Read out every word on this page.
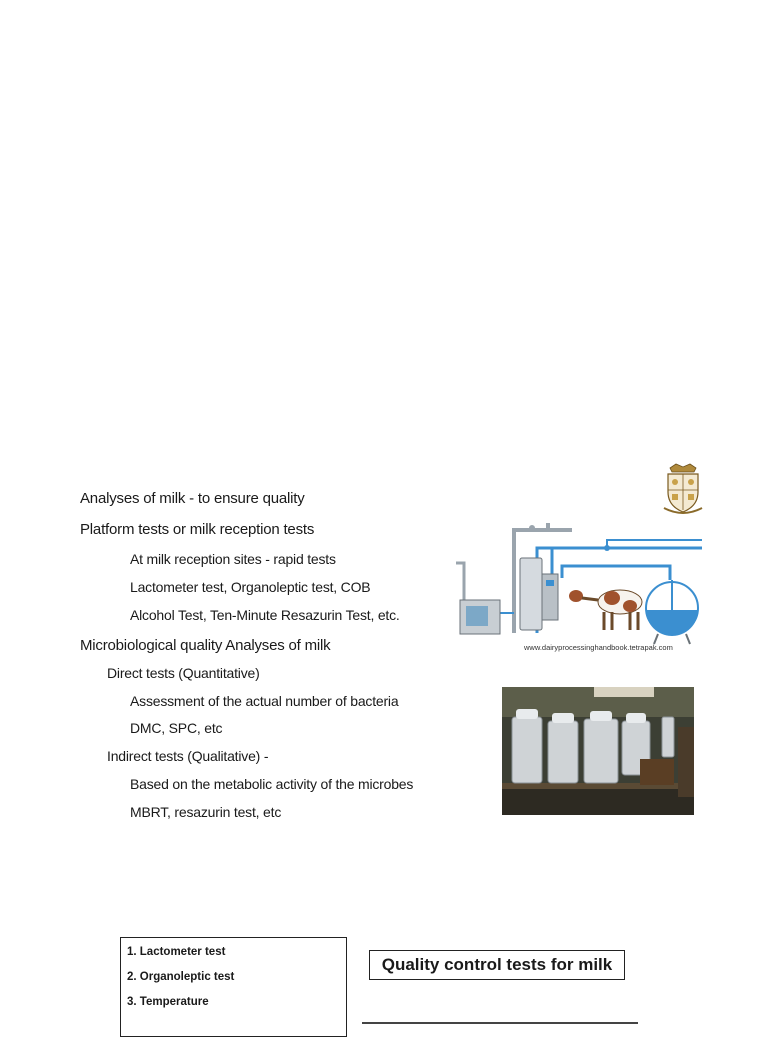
Analyses of milk - to ensure quality
Platform tests or milk reception tests
At milk reception sites - rapid tests
Lactometer test, Organoleptic test, COB
Alcohol Test, Ten-Minute Resazurin Test, etc.
Microbiological quality Analyses of milk
Direct tests (Quantitative)
Assessment of the actual number of bacteria
DMC, SPC, etc
Indirect tests (Qualitative) -
Based on the metabolic activity of the microbes
MBRT, resazurin test, etc
www.dairyprocessinghandbook.tetrapak.com
1. Lactometer test
2. Organoleptic test
3. Temperature
Quality control tests for milk
